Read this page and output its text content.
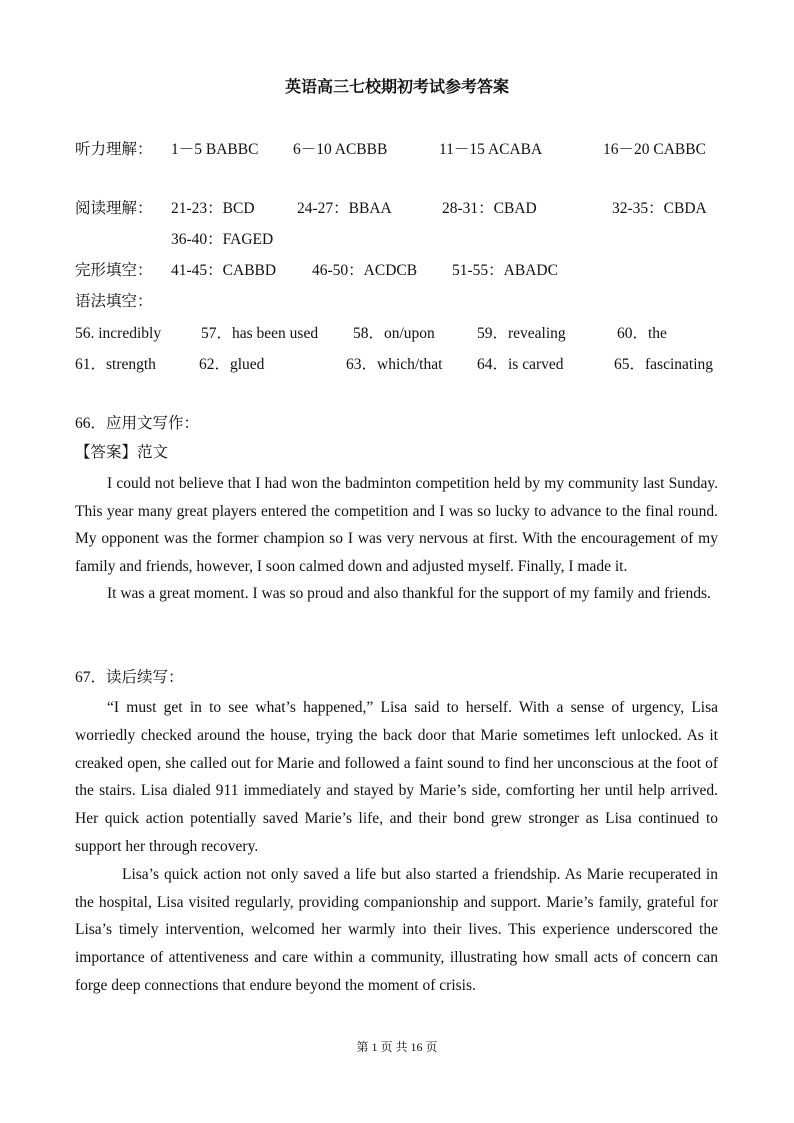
英语高三七校期初考试参考答案
听力理解： 1－5 BABBC 6－10 ACBBB	11－15 ACABA	16－20 CABBC
阅读理解： 21-23：BCD	24-27：BBAA	28-31：CBAD	32-35：CBDA
36-40：FAGED
完形填空： 41-45：CABBD 46-50：ACDCB 51-55：ABADC
语法填空：
56. incredibly	57．has been used 58．on/upon	59．revealing	60．the
61．strength	62．glued	63．which/that 64．is carved	65．fascinating
66．应用文写作：
【答案】范文

I could not believe that I had won the badminton competition held by my community last Sunday. This year many great players entered the competition and I was so lucky to advance to the final round. My opponent was the former champion so I was very nervous at first. With the encouragement of my family and friends, however, I soon calmed down and adjusted myself. Finally, I made it.

It was a great moment. I was so proud and also thankful for the support of my family and friends.

67．读后续写：

“I must get in to see what’s happened,” Lisa said to herself. With a sense of urgency, Lisa worriedly checked around the house, trying the back door that Marie sometimes left unlocked. As it creaked open, she called out for Marie and followed a faint sound to find her unconscious at the foot of the stairs. Lisa dialed 911 immediately and stayed by Marie’s side, comforting her until help arrived. Her quick action potentially saved Marie’s life, and their bond grew stronger as Lisa continued to support her through recovery.

Lisa’s quick action not only saved a life but also started a friendship. As Marie recuperated in the hospital, Lisa visited regularly, providing companionship and support. Marie’s family, grateful for Lisa’s timely intervention, welcomed her warmly into their lives. This experience underscored the importance of attentiveness and care within a community, illustrating how small acts of concern can forge deep connections that endure beyond the moment of crisis.

第 1 页 共 16 页
